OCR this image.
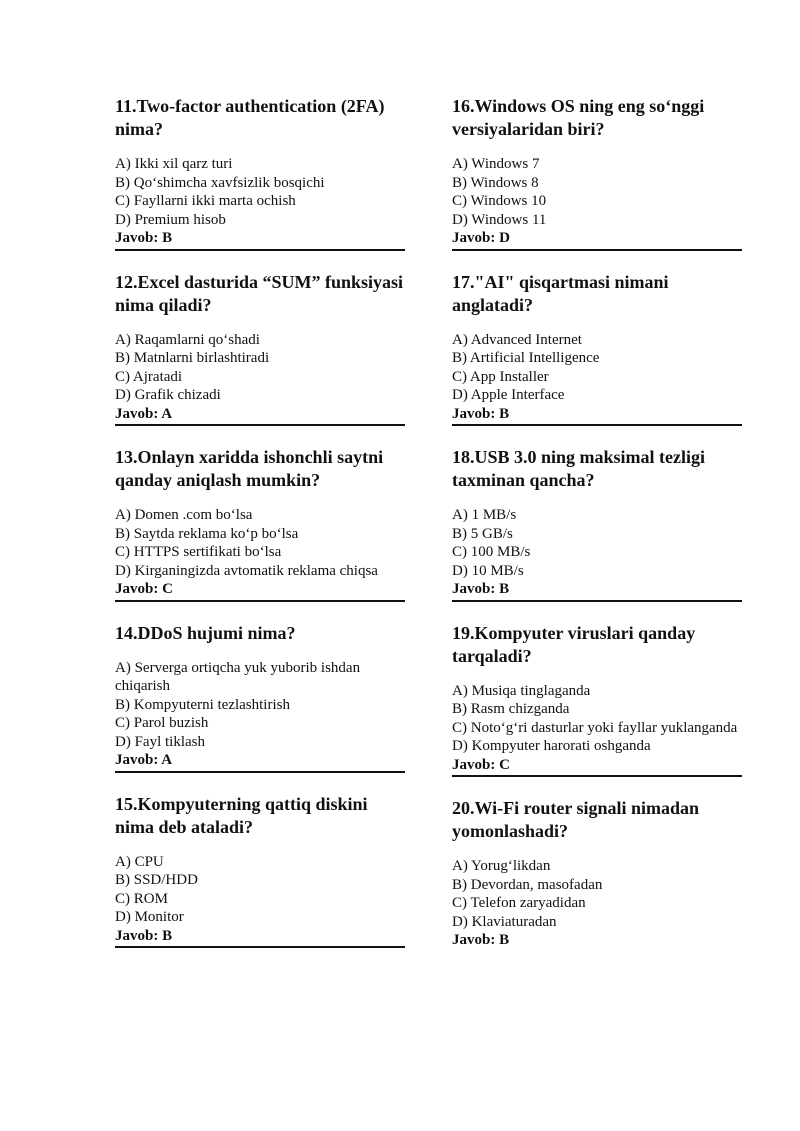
11.Two-factor authentication (2FA) nima?
A) Ikki xil qarz turi
B) Qo‘shimcha xavfsizlik bosqichi
C) Fayllarni ikki marta ochish
D) Premium hisob
Javob: B
12.Excel dasturida “SUM” funksiyasi nima qiladi?
A) Raqamlarni qo‘shadi
B) Matnlarni birlashtiradi
C) Ajratadi
D) Grafik chizadi
Javob: A
13.Onlayn xaridda ishonchli saytni qanday aniqlash mumkin?
A) Domen .com bo‘lsa
B) Saytda reklama ko‘p bo‘lsa
C) HTTPS sertifikati bo‘lsa
D) Kirganingizda avtomatik reklama chiqsa
Javob: C
14.DDoS hujumi nima?
A) Serverga ortiqcha yuk yuborib ishdan chiqarish
B) Kompyuterni tezlashtirish
C) Parol buzish
D) Fayl tiklash
Javob: A
15.Kompyuterning qattiq diskini nima deb ataladi?
A) CPU
B) SSD/HDD
C) ROM
D) Monitor
Javob: B
16.Windows OS ning eng so‘nggi versiyalaridan biri?
A) Windows 7
B) Windows 8
C) Windows 10
D) Windows 11
Javob: D
17."AI" qisqartmasi nimani anglatadi?
A) Advanced Internet
B) Artificial Intelligence
C) App Installer
D) Apple Interface
Javob: B
18.USB 3.0 ning maksimal tezligi taxminan qancha?
A) 1 MB/s
B) 5 GB/s
C) 100 MB/s
D) 10 MB/s
Javob: B
19.Kompyuter viruslari qanday tarqaladi?
A) Musiqa tinglaganda
B) Rasm chizganda
C) Noto‘g‘ri dasturlar yoki fayllar yuklanganda
D) Kompyuter harorati oshganda
Javob: C
20.Wi-Fi router signali nimadan yomonlashadi?
A) Yorug‘likdan
B) Devordan, masofadan
C) Telefon zaryadidan
D) Klaviaturadan
Javob: B
